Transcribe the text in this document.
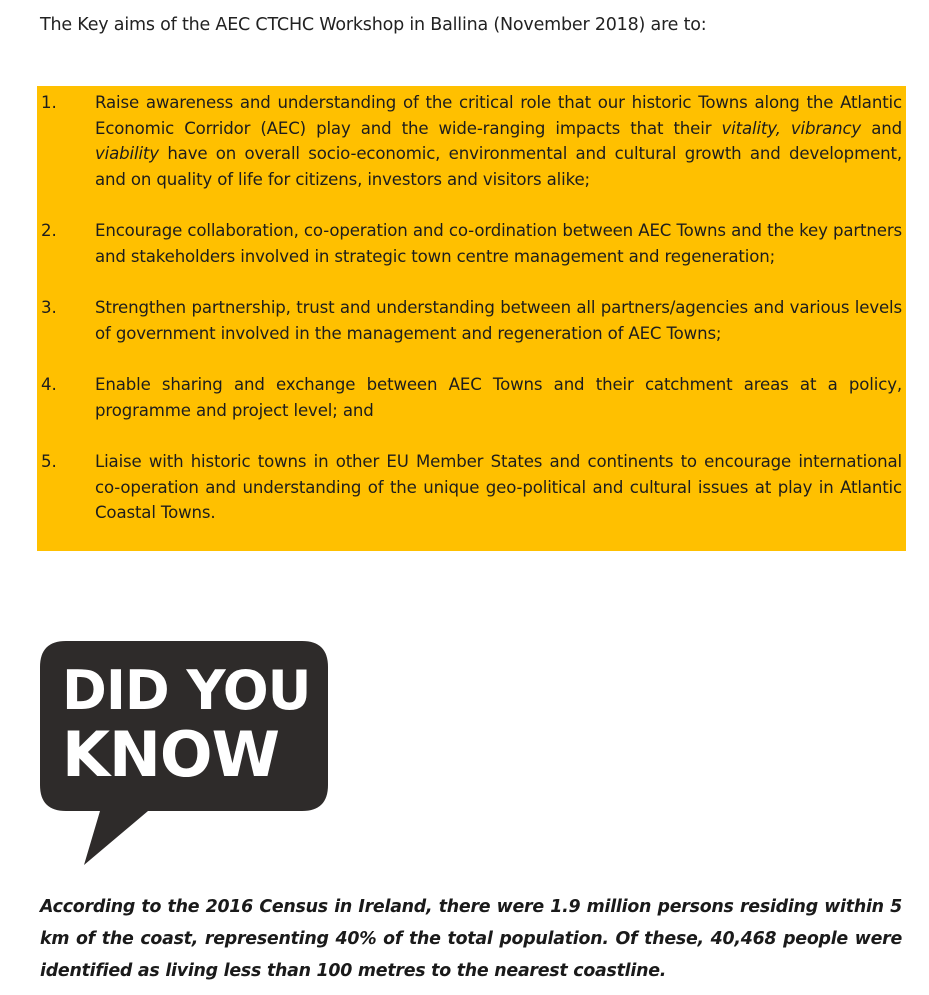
The Key aims of the AEC CTCHC Workshop in Ballina (November 2018) are to:
1.	Raise awareness and understanding of the critical role that our historic Towns along the Atlantic Economic Corridor (AEC) play and the wide-ranging impacts that their vitality, vibrancy and viability have on overall socio-economic, environmental and cultural growth and development, and on quality of life for citizens, investors and visitors alike;
2.	Encourage collaboration, co-operation and co-ordination between AEC Towns and the key partners and stakeholders involved in strategic town centre management and regeneration;
3.	Strengthen partnership, trust and understanding between all partners/agencies and various levels of government involved in the management and regeneration of AEC Towns;
4.	Enable sharing and exchange between AEC Towns and their catchment areas at a policy, programme and project level; and
5.	Liaise with historic towns in other EU Member States and continents to encourage international co-operation and understanding of the unique geo-political and cultural issues at play in Atlantic Coastal Towns.
DID YOU
KNOW
According to the 2016 Census in Ireland, there were 1.9 million persons residing within 5 km of the coast, representing 40% of the total population. Of these, 40,468 people were identified as living less than 100 metres to the nearest coastline.
